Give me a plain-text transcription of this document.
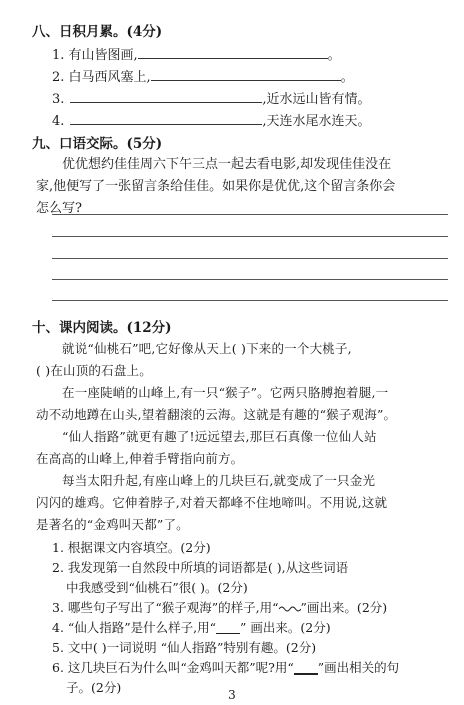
八、日积月累。(4分)
1. 有山皆图画,	。
2. 白马西风塞上,	。
3.	,近水远山皆有情。
4.	,天连水尾水连天。
九、口语交际。(5分)
优优想约佳佳周六下午三点一起去看电影,却发现佳佳没在
家,他便写了一张留言条给佳佳。如果你是优优,这个留言条你会
怎么写?
十、课内阅读。(12分)
就说“仙桃石”吧,它好像从天上( )下来的一个大桃子,
( )在山顶的石盘上。
在一座陡峭的山峰上,有一只“猴子”。它两只胳膊抱着腿,一
动不动地蹲在山头,望着翻滚的云海。这就是有趣的“猴子观海”。
“仙人指路”就更有趣了!远远望去,那巨石真像一位仙人站
在高高的山峰上,伸着手臂指向前方。
每当太阳升起,有座山峰上的几块巨石,就变成了一只金光
闪闪的雄鸡。它伸着脖子,对着天都峰不住地啼叫。不用说,这就
是著名的“金鸡叫天都”了。
1. 根据课文内容填空。(2分)
2. 我发现第一自然段中所填的词语都是( ),从这些词语
中我感受到“仙桃石”很( )。(2分)
3. 哪些句子写出了“猴子观海”的样子,用“ ”画出来。(2分)
4. “仙人指路”是什么样子,用“ ” 画出来。(2分)
5. 文中( )一词说明 “仙人指路”特别有趣。(2分)
6. 这几块巨石为什么叫“金鸡叫天都”呢?用“ ”画出相关的句
子。(2分)	3
